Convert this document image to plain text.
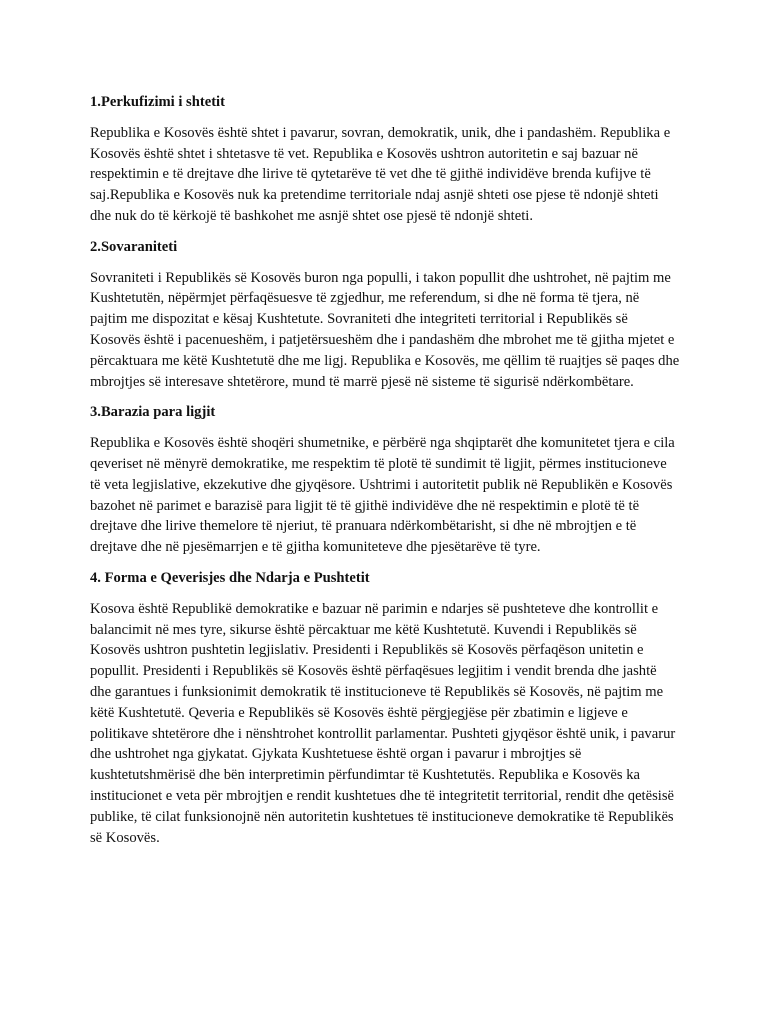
1.Perkufizimi i shtetit

Republika e Kosovës është shtet i pavarur, sovran, demokratik, unik, dhe i pandashëm. Republika e Kosovës është shtet i shtetasve të vet. Republika e Kosovës ushtron autoritetin e saj bazuar në respektimin e të drejtave dhe lirive të qytetarëve të vet dhe të gjithë individëve brenda kufijve të saj.Republika e Kosovës nuk ka pretendime territoriale ndaj asnjë shteti ose pjese të ndonjë shteti dhe nuk do të kërkojë të bashkohet me asnjë shtet ose pjesë të ndonjë shteti.

2.Sovaraniteti

Sovraniteti i Republikës së Kosovës buron nga populli, i takon popullit dhe ushtrohet, në pajtim me Kushtetutën, nëpërmjet përfaqësuesve të zgjedhur, me referendum, si dhe në forma të tjera, në pajtim me dispozitat e kësaj Kushtetute. Sovraniteti dhe integriteti territorial i Republikës së Kosovës është i pacenueshëm, i patjetërsueshëm dhe i pandashëm dhe mbrohet me të gjitha mjetet e përcaktuara me këtë Kushtetutë dhe me ligj. Republika e Kosovës, me qëllim të ruajtjes së paqes dhe mbrojtjes së interesave shtetërore, mund të marrë pjesë në sisteme të sigurisë ndërkombëtare.

3.Barazia para ligjit

Republika e Kosovës është shoqëri shumetnike, e përbërë nga shqiptarët dhe komunitetet tjera e cila qeveriset në mënyrë demokratike, me respektim të plotë të sundimit të ligjit, përmes institucioneve të veta legjislative, ekzekutive dhe gjyqësore. Ushtrimi i autoritetit publik në Republikën e Kosovës bazohet në parimet e barazisë para ligjit të të gjithë individëve dhe në respektimin e plotë të të drejtave dhe lirive themelore të njeriut, të pranuara ndërkombëtarisht, si dhe në mbrojtjen e të drejtave dhe në pjesëmarrjen e të gjitha komuniteteve dhe pjesëtarëve të tyre.

4. Forma e Qeverisjes dhe Ndarja e Pushtetit

Kosova është Republikë demokratike e bazuar në parimin e ndarjes së pushteteve dhe kontrollit e balancimit në mes tyre, sikurse është përcaktuar me këtë Kushtetutë. Kuvendi i Republikës së Kosovës ushtron pushtetin legjislativ. Presidenti i Republikës së Kosovës përfaqëson unitetin e popullit. Presidenti i Republikës së Kosovës është përfaqësues legjitim i vendit brenda dhe jashtë dhe garantues i funksionimit demokratik të institucioneve të Republikës së Kosovës, në pajtim me këtë Kushtetutë. Qeveria e Republikës së Kosovës është përgjegjëse për zbatimin e ligjeve e politikave shtetërore dhe i nënshtrohet kontrollit parlamentar. Pushteti gjyqësor është unik, i pavarur dhe ushtrohet nga gjykatat. Gjykata Kushtetuese është organ i pavarur i mbrojtjes së kushtetutshmërisë dhe bën interpretimin përfundimtar të Kushtetutës. Republika e Kosovës ka institucionet e veta për mbrojtjen e rendit kushtetues dhe të integritetit territorial, rendit dhe qetësisë publike, të cilat funksionojnë nën autoritetin kushtetues të institucioneve demokratike të Republikës së Kosovës.
